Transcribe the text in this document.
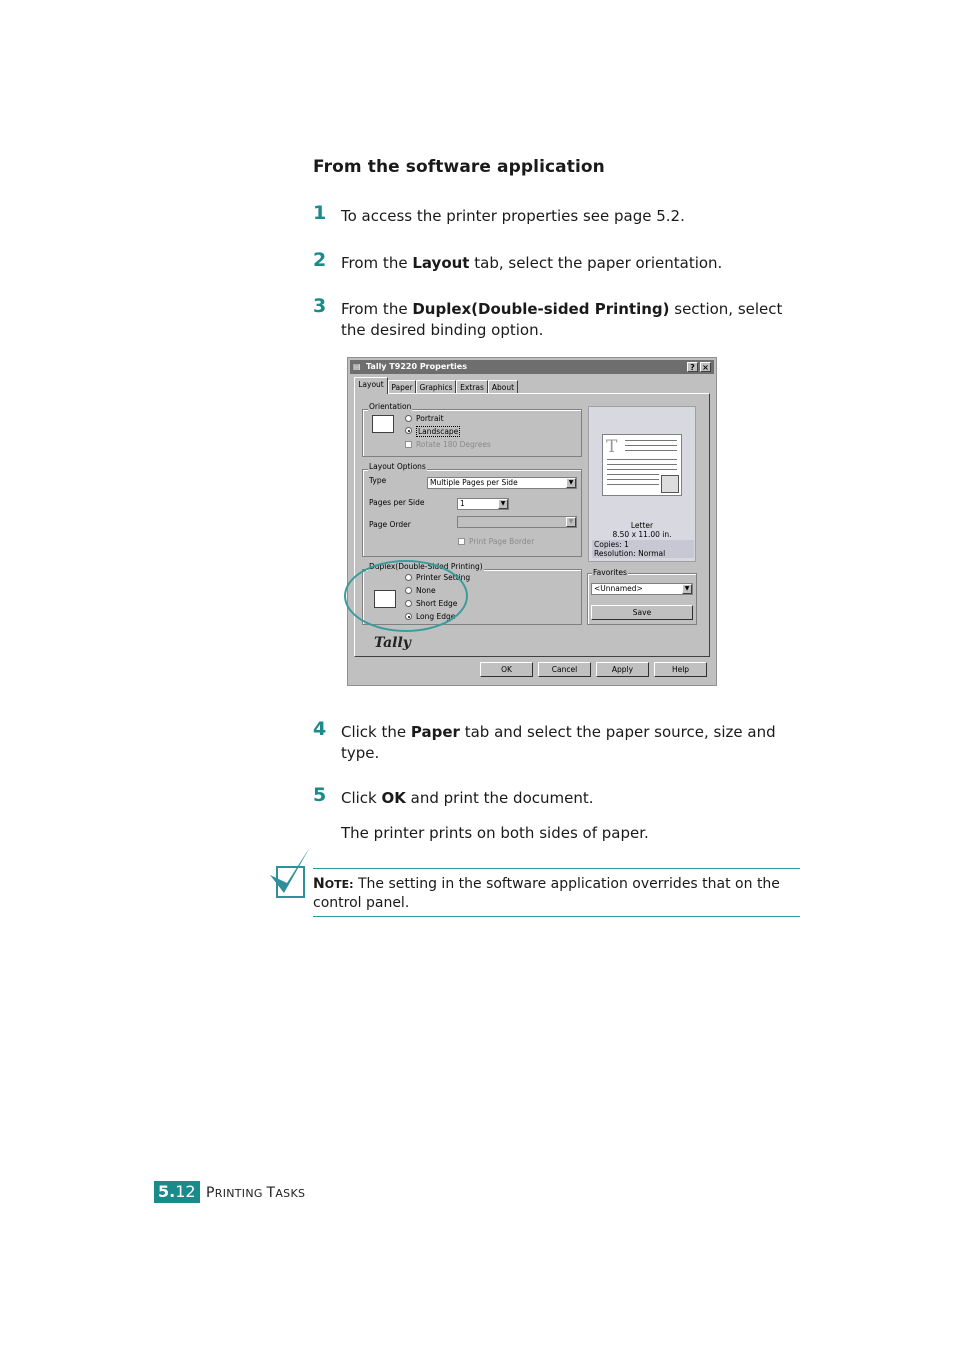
From the software application
1 To access the printer properties see page 5.2.
2 From the Layout tab, select the paper orientation.
3 From the Duplex(Double-sided Printing) section, select the desired binding option.
▤ Tally T9220 Properties	? ×
Layout	Paper Graphics	Extras	About
Orientation
Portrait
Landscape
Rotate 180 Degrees
Layout Options
Type	Multiple Pages per Side	▼
Pages per Side	1	▼
Page Order	▼
Print Page Border
Duplex(Double-Sided Printing)
Printer Setting
None
Short Edge
Long Edge
T
Letter
8.50 x 11.00 in.
Copies: 1
Resolution: Normal
Favorites
<Unnamed>	▼
Save
Tally
OK	Cancel	Apply	Help
4 Click the Paper tab and select the paper source, size and type.
5 Click OK and print the document.
The printer prints on both sides of paper.
NOTE: The setting in the software application overrides that on the control panel.
5.12 PRINTING TASKS
